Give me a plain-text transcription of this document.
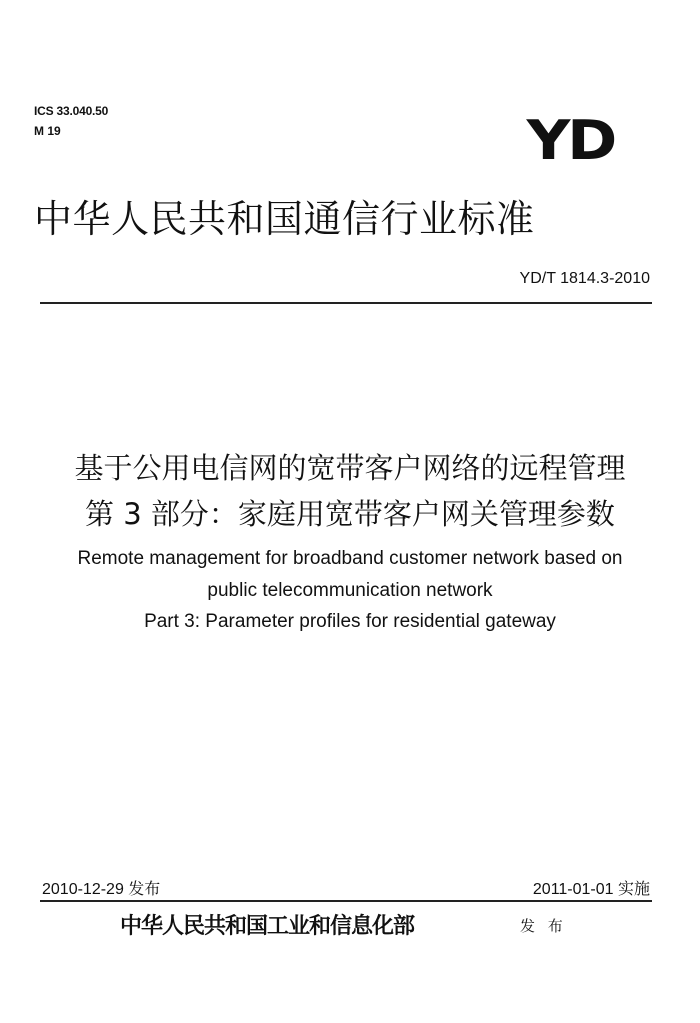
ICS 33.040.50
M 19	YD
中华人民共和国通信行业标准
YD/T 1814.3-2010
基于公用电信网的宽带客户网络的远程管理
第 3 部分：家庭用宽带客户网关管理参数
Remote management for broadband customer network based on
public telecommunication network
Part 3: Parameter profiles for residential gateway
2010-12-29 发布	2011-01-01 实施
中华人民共和国工业和信息化部	发 布
